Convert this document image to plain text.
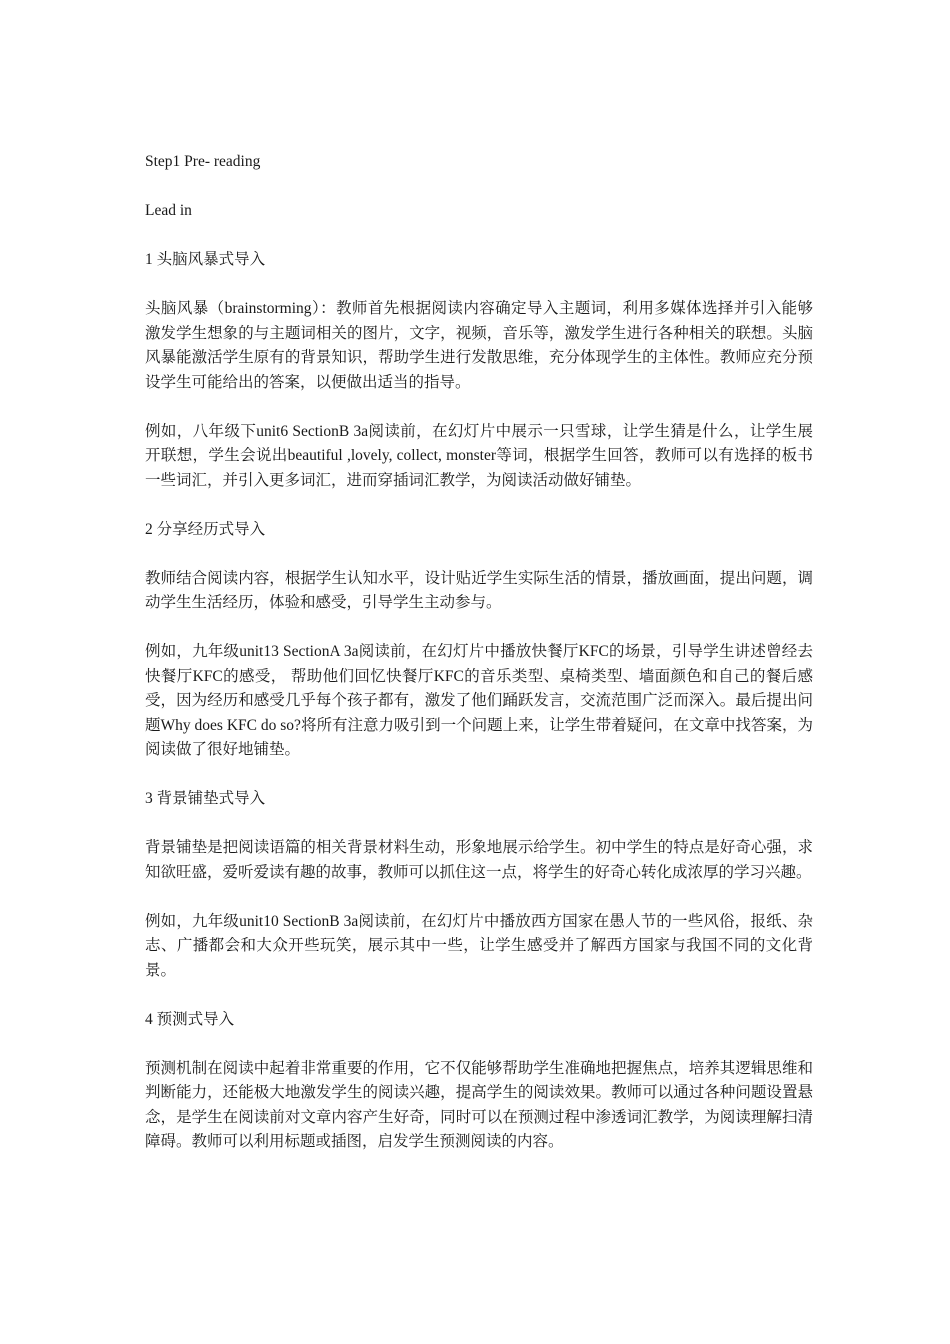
Step1 Pre- reading

Lead in

1 头脑风暴式导入

头脑风暴（brainstorming）：教师首先根据阅读内容确定导入主题词，利用多媒体选择并引入能够激发学生想象的与主题词相关的图片，文字，视频，音乐等，激发学生进行各种相关的联想。头脑风暴能激活学生原有的背景知识，帮助学生进行发散思维，充分体现学生的主体性。教师应充分预设学生可能给出的答案，以便做出适当的指导。

例如，八年级下unit6 SectionB 3a阅读前，在幻灯片中展示一只雪球，让学生猜是什么，让学生展开联想，学生会说出beautiful ,lovely, collect, monster等词，根据学生回答，教师可以有选择的板书一些词汇，并引入更多词汇，进而穿插词汇教学，为阅读活动做好铺垫。

2 分享经历式导入

教师结合阅读内容，根据学生认知水平，设计贴近学生实际生活的情景，播放画面，提出问题，调动学生生活经历，体验和感受，引导学生主动参与。

例如，九年级unit13 SectionA 3a阅读前，在幻灯片中播放快餐厅KFC的场景，引导学生讲述曾经去快餐厅KFC的感受， 帮助他们回忆快餐厅KFC的音乐类型、桌椅类型、墙面颜色和自己的餐后感受，因为经历和感受几乎每个孩子都有，激发了他们踊跃发言，交流范围广泛而深入。最后提出问题Why does KFC do so?将所有注意力吸引到一个问题上来，让学生带着疑问，在文章中找答案，为阅读做了很好地铺垫。

3 背景铺垫式导入

背景铺垫是把阅读语篇的相关背景材料生动，形象地展示给学生。初中学生的特点是好奇心强，求知欲旺盛，爱听爱读有趣的故事，教师可以抓住这一点，将学生的好奇心转化成浓厚的学习兴趣。

例如，九年级unit10 SectionB 3a阅读前，在幻灯片中播放西方国家在愚人节的一些风俗，报纸、杂志、广播都会和大众开些玩笑，展示其中一些，让学生感受并了解西方国家与我国不同的文化背景。

4 预测式导入

预测机制在阅读中起着非常重要的作用，它不仅能够帮助学生准确地把握焦点，培养其逻辑思维和判断能力，还能极大地激发学生的阅读兴趣，提高学生的阅读效果。教师可以通过各种问题设置悬念，是学生在阅读前对文章内容产生好奇，同时可以在预测过程中渗透词汇教学，为阅读理解扫清障碍。教师可以利用标题或插图，启发学生预测阅读的内容。
